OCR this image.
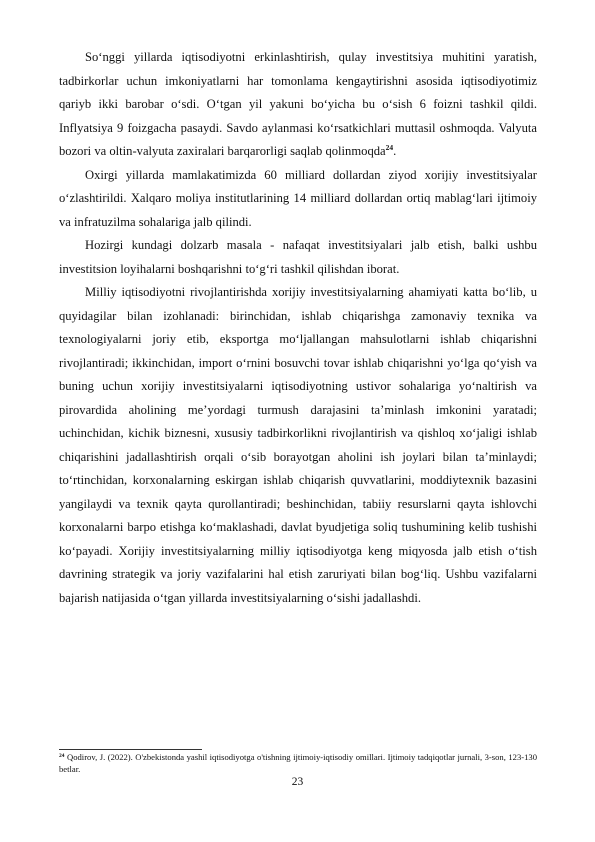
So‘nggi yillarda iqtisodiyotni erkinlashtirish, qulay investitsiya muhitini yaratish, tadbirkorlar uchun imkoniyatlarni har tomonlama kengaytirishni asosida iqtisodiyotimiz qariyb ikki barobar o‘sdi. O‘tgan yil yakuni bo‘yicha bu o‘sish 6 foizni tashkil qildi. Inflyatsiya 9 foizgacha pasaydi. Savdo aylanmasi ko‘rsatkichlari muttasil oshmoqda. Valyuta bozori va oltin-valyuta zaxiralari barqarorligi saqlab qolinmoqda$^{24}$.

Oxirgi yillarda mamlakatimizda 60 milliard dollardan ziyod xorijiy investitsiyalar o‘zlashtirildi. Xalqaro moliya institutlarining 14 milliard dollardan ortiq mablag‘lari ijtimoiy va infratuzilma sohalariga jalb qilindi.

Hozirgi kundagi dolzarb masala - nafaqat investitsiyalari jalb etish, balki ushbu investitsion loyihalarni boshqarishni to‘g‘ri tashkil qilishdan iborat.

Milliy iqtisodiyotni rivojlantirishda xorijiy investitsiyalarning ahamiyati katta bo‘lib, u quyidagilar bilan izohlanadi: birinchidan, ishlab chiqarishga zamonaviy texnika va texnologiyalarni joriy etib, eksportga mo‘ljallangan mahsulotlarni ishlab chiqarishni rivojlantiradi; ikkinchidan, import o‘rnini bosuvchi tovar ishlab chiqarishni yo‘lga qo‘yish va buning uchun xorijiy investitsiyalarni iqtisodiyotning ustivor sohalariga yo‘naltirish va pirovardida aholining me’yordagi turmush darajasini ta’minlash imkonini yaratadi; uchinchidan, kichik biznesni, xususiy tadbirkorlikni rivojlantirish va qishloq xo‘jaligi ishlab chiqarishini jadallashtirish orqali o‘sib borayotgan aholini ish joylari bilan ta’minlaydi; to‘rtinchidan, korxonalarning eskirgan ishlab chiqarish quvvatlarini, moddiytexnik bazasini yangilaydi va texnik qayta qurollantiradi; beshinchidan, tabiiy resurslarni qayta ishlovchi korxonalarni barpo etishga ko‘maklashadi, davlat byudjetiga soliq tushumining kelib tushishi ko‘payadi. Xorijiy investitsiyalarning milliy iqtisodiyotga keng miqyosda jalb etish o‘tish davrining strategik va joriy vazifalarini hal etish zaruriyati bilan bog‘liq. Ushbu vazifalarni bajarish natijasida o‘tgan yillarda investitsiyalarning o‘sishi jadallashdi.

$^{24}$ Qodirov, J. (2022). O'zbekistonda yashil iqtisodiyotga o'tishning ijtimoiy-iqtisodiy omillari. Ijtimoiy tadqiqotlar jurnali, 3-son, 123-130 betlar.

23
